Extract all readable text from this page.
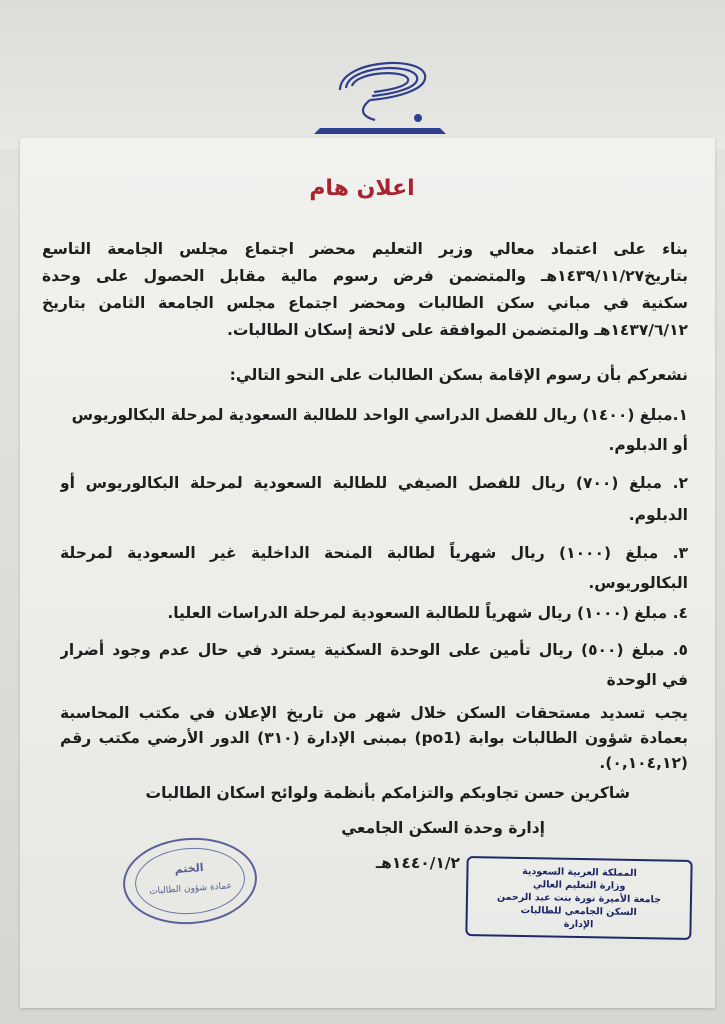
اعلان هام
بناء على اعتماد معالي وزير التعليم محضر اجتماع مجلس الجامعة التاسع
بتاريخ١٤٣٩/١١/٢٧هـ والمتضمن فرض رسوم مالية مقابل الحصول على وحدة
سكنية في مباني سكن الطالبات ومحضر اجتماع مجلس الجامعة الثامن بتاريخ
١٤٣٧/٦/١٢هـ والمتضمن الموافقة على لائحة إسكان الطالبات.
نشعركم بأن رسوم الإقامة بسكن الطالبات على النحو التالي:
١.مبلغ (١٤٠٠) ريال للفصل الدراسي الواحد للطالبة السعودية لمرحلة البكالوريوس
أو الدبلوم.
٢. مبلغ (٧٠٠) ريال للفصل الصيفي للطالبة السعودية لمرحلة البكالوريوس أو
الدبلوم.
٣. مبلغ (١٠٠٠) ريال شهرياً لطالبة المنحة الداخلية غير السعودية لمرحلة
البكالوريوس.
٤. مبلغ (١٠٠٠) ريال شهرياً للطالبة السعودية لمرحلة الدراسات العليا.
٥. مبلغ (٥٠٠) ريال تأمين على الوحدة السكنية يسترد في حال عدم وجود أضرار
في الوحدة
يجب تسديد مستحقات السكن خلال شهر من تاريخ الإعلان في مكتب المحاسبة
بعمادة شؤون الطالبات بوابة (po1) بمبنى الإدارة (٣١٠) الدور الأرضي مكتب رقم
(٠,١٠٤,١٢).
شاكرين حسن تجاوبكم والتزامكم بأنظمة ولوائح اسكان الطالبات
إدارة وحدة السكن الجامعي
١٤٤٠/١/٢هـ
الختم
عمادة شؤون الطالبات
المملكة العربية السعودية
وزارة التعليم العالي
جامعة الأميرة نورة بنت عبد الرحمن
السكن الجامعي للطالبات
الإدارة
